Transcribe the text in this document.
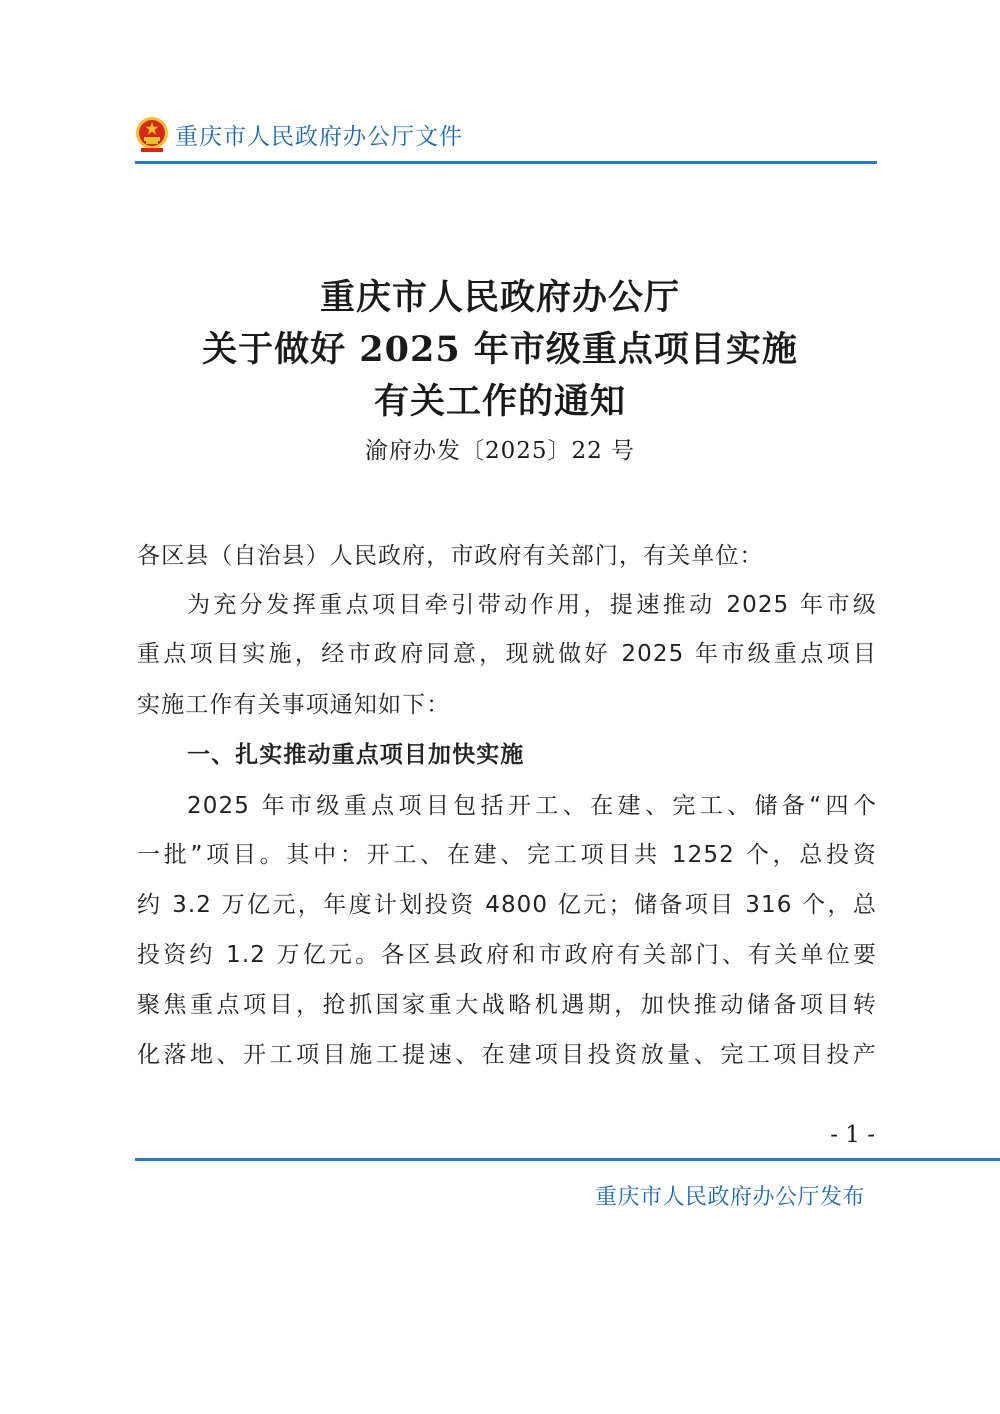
重庆市人民政府办公厅文件
重庆市人民政府办公厅
关于做好 2025 年市级重点项目实施
有关工作的通知
渝府办发〔2025〕22 号
各区县（自治县）人民政府，市政府有关部门，有关单位：
为充分发挥重点项目牵引带动作用，提速推动 2025 年市级
重点项目实施，经市政府同意，现就做好 2025 年市级重点项目
实施工作有关事项通知如下：
一、扎实推动重点项目加快实施
2025 年市级重点项目包括开工、在建、完工、储备“四个
一批”项目。其中：开工、在建、完工项目共 1252 个，总投资
约 3.2 万亿元，年度计划投资 4800 亿元；储备项目 316 个，总
投资约 1.2 万亿元。各区县政府和市政府有关部门、有关单位要
聚焦重点项目，抢抓国家重大战略机遇期，加快推动储备项目转
化落地、开工项目施工提速、在建项目投资放量、完工项目投产
- 1 -
重庆市人民政府办公厅发布
